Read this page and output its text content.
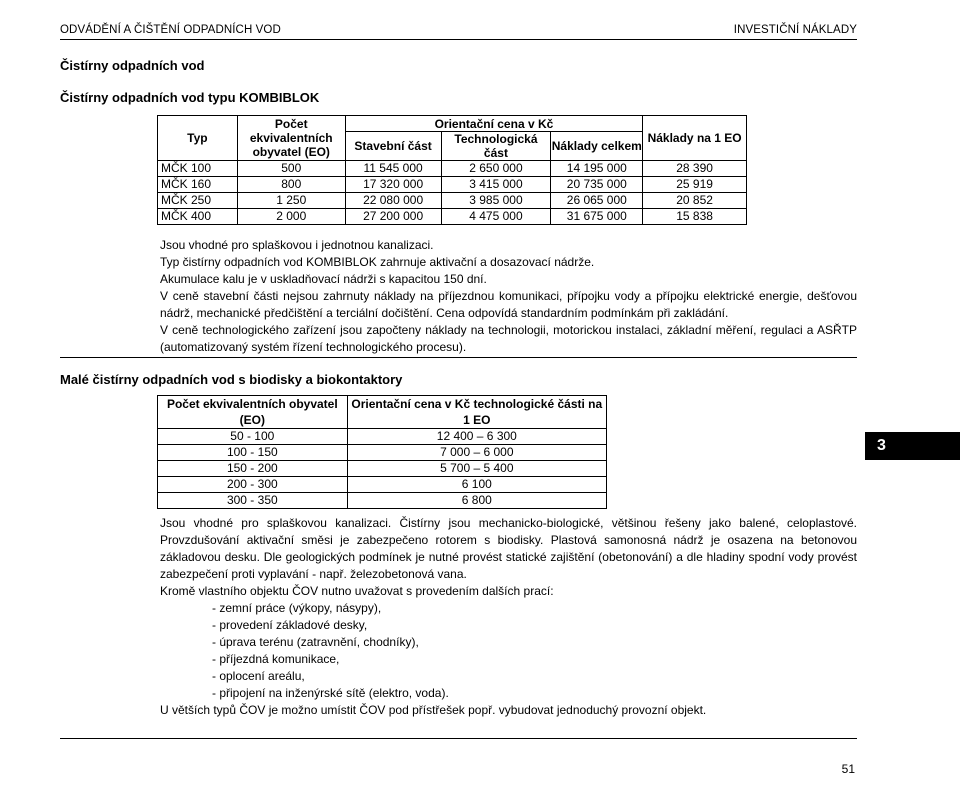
ODVÁDĚNÍ A ČIŠTĚNÍ ODPADNÍCH VOD	INVESTIČNÍ NÁKLADY
Čistírny odpadních vod
Čistírny odpadních vod typu KOMBIBLOK
Typ	Počet ekvivalentních obyvatel (EO)	Orientační cena v Kč			Náklady na 1 EO
		Stavební část	Technologická část	Náklady celkem	

MČK 100	500	11 545 000	2 650 000	14 195 000	28 390
MČK 160	800	17 320 000	3 415 000	20 735 000	25 919
MČK 250	1 250	22 080 000	3 985 000	26 065 000	20 852
MČK 400	2 000	27 200 000	4 475 000	31 675 000	15 838

Jsou vhodné pro splaškovou i jednotnou kanalizaci.

Typ čistírny odpadních vod KOMBIBLOK zahrnuje aktivační a dosazovací nádrže.

Akumulace kalu je v uskladňovací nádrži s kapacitou 150 dní.

V ceně stavební části nejsou zahrnuty náklady na příjezdnou komunikaci, přípojku vody a přípojku elektrické energie, dešťovou nádrž, mechanické předčištění a terciální dočištění. Cena odpovídá standardním podmínkám při zakládání.

V ceně technologického zařízení jsou započteny náklady na technologii, motorickou instalaci, základní měření, regulaci a ASŘTP (automatizovaný systém řízení technologického procesu).

Malé čistírny odpadních vod s biodisky a biokontaktory
Počet ekvivalentních obyvatel (EO)	Orientační cena v Kč technologické části na 1 EO
50 - 100	12 400 – 6 300
100 - 150	7 000 – 6 000
150 - 200	5 700 – 5 400
200 - 300	6 100
300 - 350	6 800
3

Jsou vhodné pro splaškovou kanalizaci. Čistírny jsou mechanicko-biologické, většinou řešeny jako balené, celoplastové. Provzdušování aktivační směsi je zabezpečeno rotorem s biodisky. Plastová samonosná nádrž je osazena na betonovou základovou desku. Dle geologických podmínek je nutné provést statické zajištění (obetonování) a dle hladiny spodní vody provést zabezpečení proti vyplavání - např. železobetonová vana.

Kromě vlastního objektu ČOV nutno uvažovat s provedením dalších prací:

- zemní práce (výkopy, násypy),
- provedení základové desky,
- úprava terénu (zatravnění, chodníky),
- příjezdná komunikace,
- oplocení areálu,
- připojení na inženýrské sítě (elektro, voda).

U větších typů ČOV je možno umístit ČOV pod přístřešek popř. vybudovat jednoduchý provozní objekt.

51
